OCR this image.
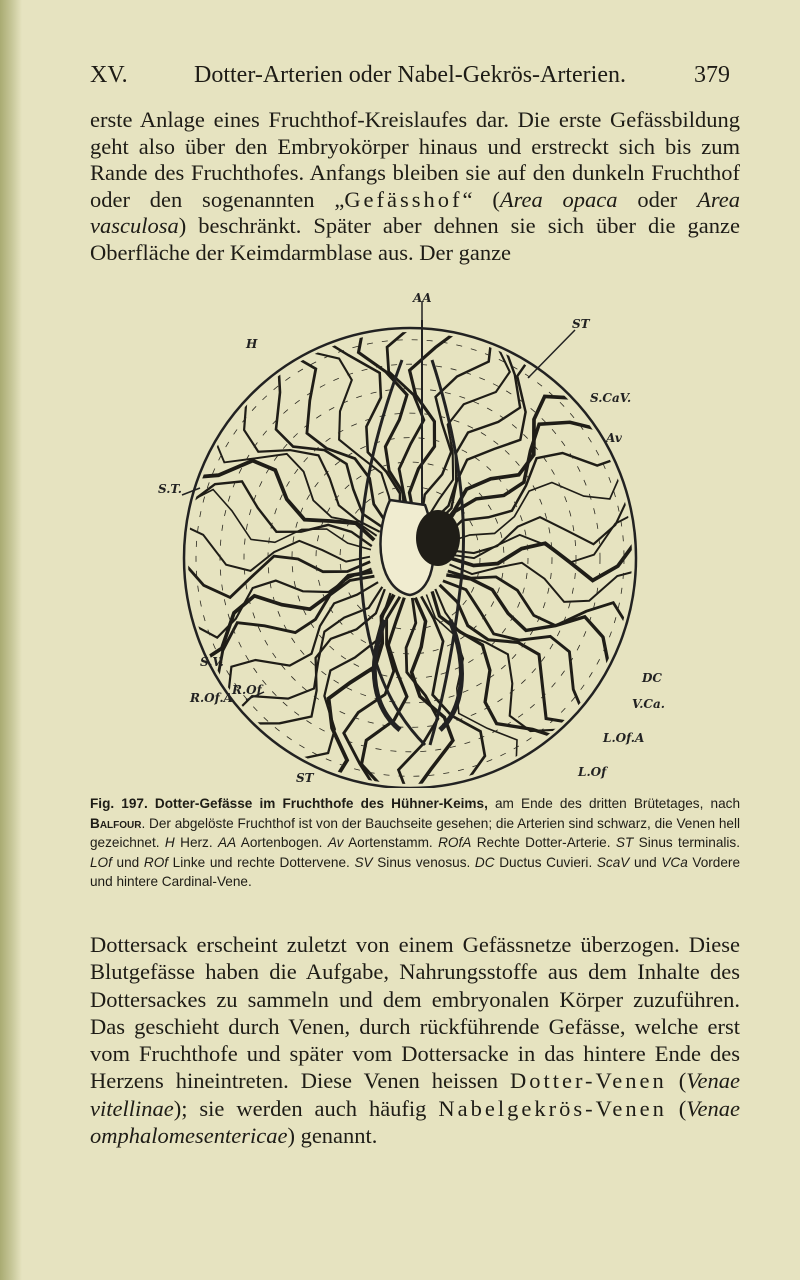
XV.	Dotter-Arterien oder Nabel-Gekrös-Arterien.	379

erste Anlage eines Fruchthof-Kreislaufes dar. Die erste Gefässbildung geht also über den Embryokörper hinaus und erstreckt sich bis zum Rande des Fruchthofes. Anfangs bleiben sie auf den dunkeln Fruchthof oder den sogenannten „Gefässhof“ (Area opaca oder Area vasculosa) beschränkt. Später aber dehnen sie sich über die ganze Oberfläche der Keimdarmblase aus. Der ganze

AA
ST
H
S.CaV.
Av
S.T.
S.V.
DC
R.Of
V.Ca.
L.Of.A
R.Of.A
ST	L.Of

Fig. 197. Dotter-Gefässe im Fruchthofe des Hühner-Keims, am Ende des dritten Brütetages, nach Balfour. Der abgelöste Fruchthof ist von der Bauchseite gesehen; die Arterien sind schwarz, die Venen hell gezeichnet. H Herz. AA Aortenbogen. Av Aortenstamm. ROfA Rechte Dotter-Arterie. ST Sinus terminalis. LOf und ROf Linke und rechte Dottervene. SV Sinus venosus. DC Ductus Cuvieri. ScaV und VCa Vordere und hintere Cardinal-Vene.

Dottersack erscheint zuletzt von einem Gefässnetze überzogen. Diese Blutgefässe haben die Aufgabe, Nahrungsstoffe aus dem Inhalte des Dottersackes zu sammeln und dem embryonalen Körper zuzuführen. Das geschieht durch Venen, durch rückführende Gefässe, welche erst vom Fruchthofe und später vom Dottersacke in das hintere Ende des Herzens hineintreten. Diese Venen heissen Dotter-Venen (Venae vitellinae); sie werden auch häufig Nabelgekrös-Venen (Venae omphalomesentericae) genannt.
